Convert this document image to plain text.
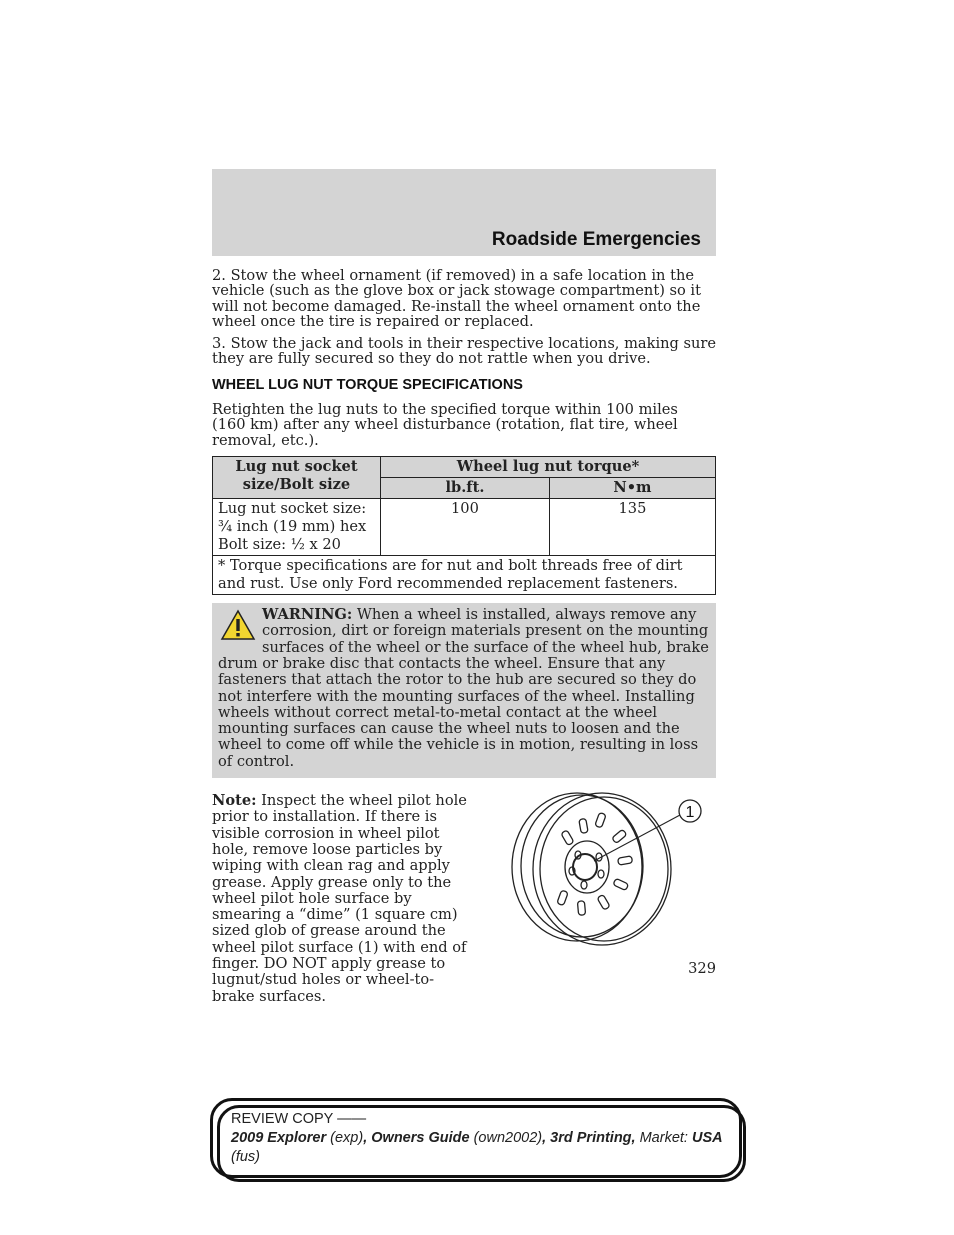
Roadside Emergencies

2. Stow the wheel ornament (if removed) in a safe location in the vehicle (such as the glove box or jack stowage compartment) so it will not become damaged. Re-install the wheel ornament onto the wheel once the tire is repaired or replaced.

3. Stow the jack and tools in their respective locations, making sure they are fully secured so they do not rattle when you drive.

WHEEL LUG NUT TORQUE SPECIFICATIONS

Retighten the lug nuts to the specified torque within 100 miles (160 km) after any wheel disturbance (rotation, flat tire, wheel removal, etc.).

Lug nut socket size/Bolt size	Wheel lug nut torque*	
	lb.ft.	N•m

Lug nut socket size: ¾ inch (19 mm) hex
Bolt size: ½ x 20	100	135
* Torque specifications are for nut and bolt threads free of dirt and rust. Use only Ford recommended replacement fasteners.		
WARNING: When a wheel is installed, always remove any corrosion, dirt or foreign materials present on the mounting surfaces of the wheel or the surface of the wheel hub, brake drum or brake disc that contacts the wheel. Ensure that any fasteners that attach the rotor to the hub are secured so they do not interfere with the mounting surfaces of the wheel. Installing wheels without correct metal-to-metal contact at the wheel mounting surfaces can cause the wheel nuts to loosen and the wheel to come off while the vehicle is in motion, resulting in loss of control.
Note: Inspect the wheel pilot hole prior to installation. If there is visible corrosion in wheel pilot hole, remove loose particles by wiping with clean rag and apply grease. Apply grease only to the wheel pilot hole surface by smearing a “dime” (1 square cm) sized glob of grease around the wheel pilot surface (1) with end of finger. DO NOT apply grease to lugnut/stud holes or wheel-to-brake surfaces.
1
329
REVIEW COPY ——
2009 Explorer (exp), Owners Guide (own2002), 3rd Printing, Market: USA
(fus)
